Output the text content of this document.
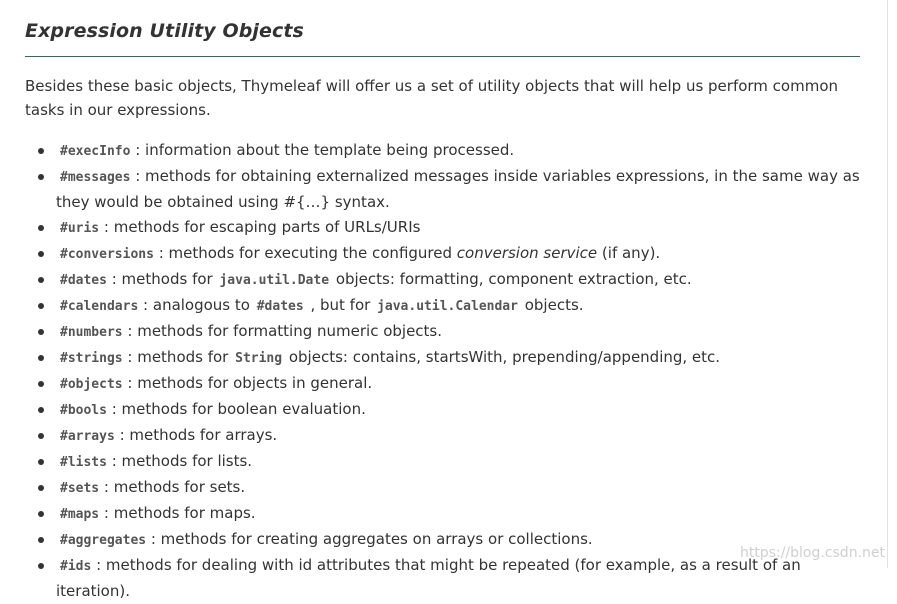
Expression Utility Objects

Besides these basic objects, Thymeleaf will offer us a set of utility objects that will help us perform common tasks in our expressions.

#execInfo : information about the template being processed.
#messages : methods for obtaining externalized messages inside variables expressions, in the same way as they would be obtained using #{…} syntax.
#uris : methods for escaping parts of URLs/URIs
#conversions : methods for executing the configured conversion service (if any).
#dates : methods for java.util.Date objects: formatting, component extraction, etc.
#calendars : analogous to #dates , but for java.util.Calendar objects.
#numbers : methods for formatting numeric objects.
#strings : methods for String objects: contains, startsWith, prepending/appending, etc.
#objects : methods for objects in general.
#bools : methods for boolean evaluation.
#arrays : methods for arrays.
#lists : methods for lists.
#sets : methods for sets.
#maps : methods for maps.
#aggregates : methods for creating aggregates on arrays or collections.
#ids : methods for dealing with id attributes that might be repeated (for example, as a result of an iteration).
https://blog.csdn.net
